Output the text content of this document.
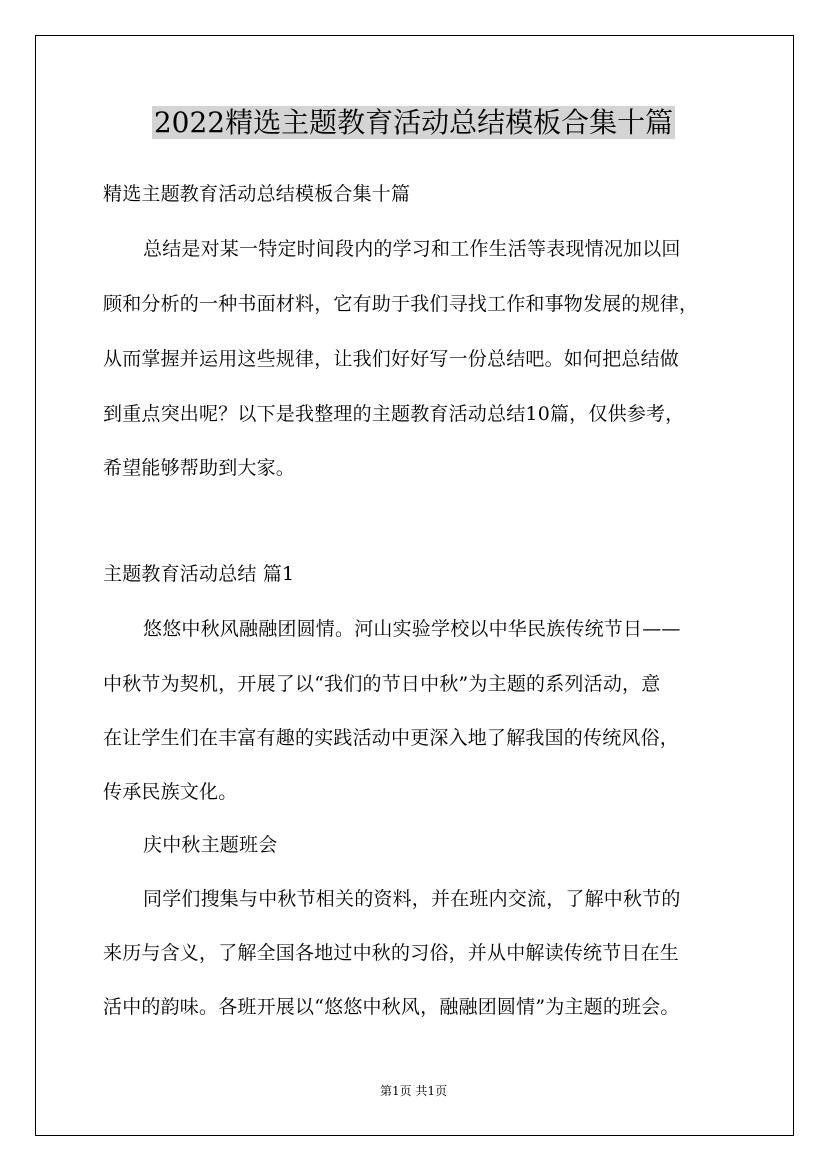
2022精选主题教育活动总结模板合集十篇
精选主题教育活动总结模板合集十篇
总结是对某一特定时间段内的学习和工作生活等表现情况加以回
顾和分析的一种书面材料，它有助于我们寻找工作和事物发展的规律，
从而掌握并运用这些规律，让我们好好写一份总结吧。如何把总结做
到重点突出呢？以下是我整理的主题教育活动总结10篇，仅供参考，
希望能够帮助到大家。
主题教育活动总结 篇1
悠悠中秋风融融团圆情。河山实验学校以中华民族传统节日——
中秋节为契机，开展了以“我们的节日中秋”为主题的系列活动，意
在让学生们在丰富有趣的实践活动中更深入地了解我国的传统风俗，
传承民族文化。
庆中秋主题班会
同学们搜集与中秋节相关的资料，并在班内交流，了解中秋节的
来历与含义，了解全国各地过中秋的习俗，并从中解读传统节日在生
活中的韵味。各班开展以“悠悠中秋风，融融团圆情”为主题的班会。
第1页 共1页
